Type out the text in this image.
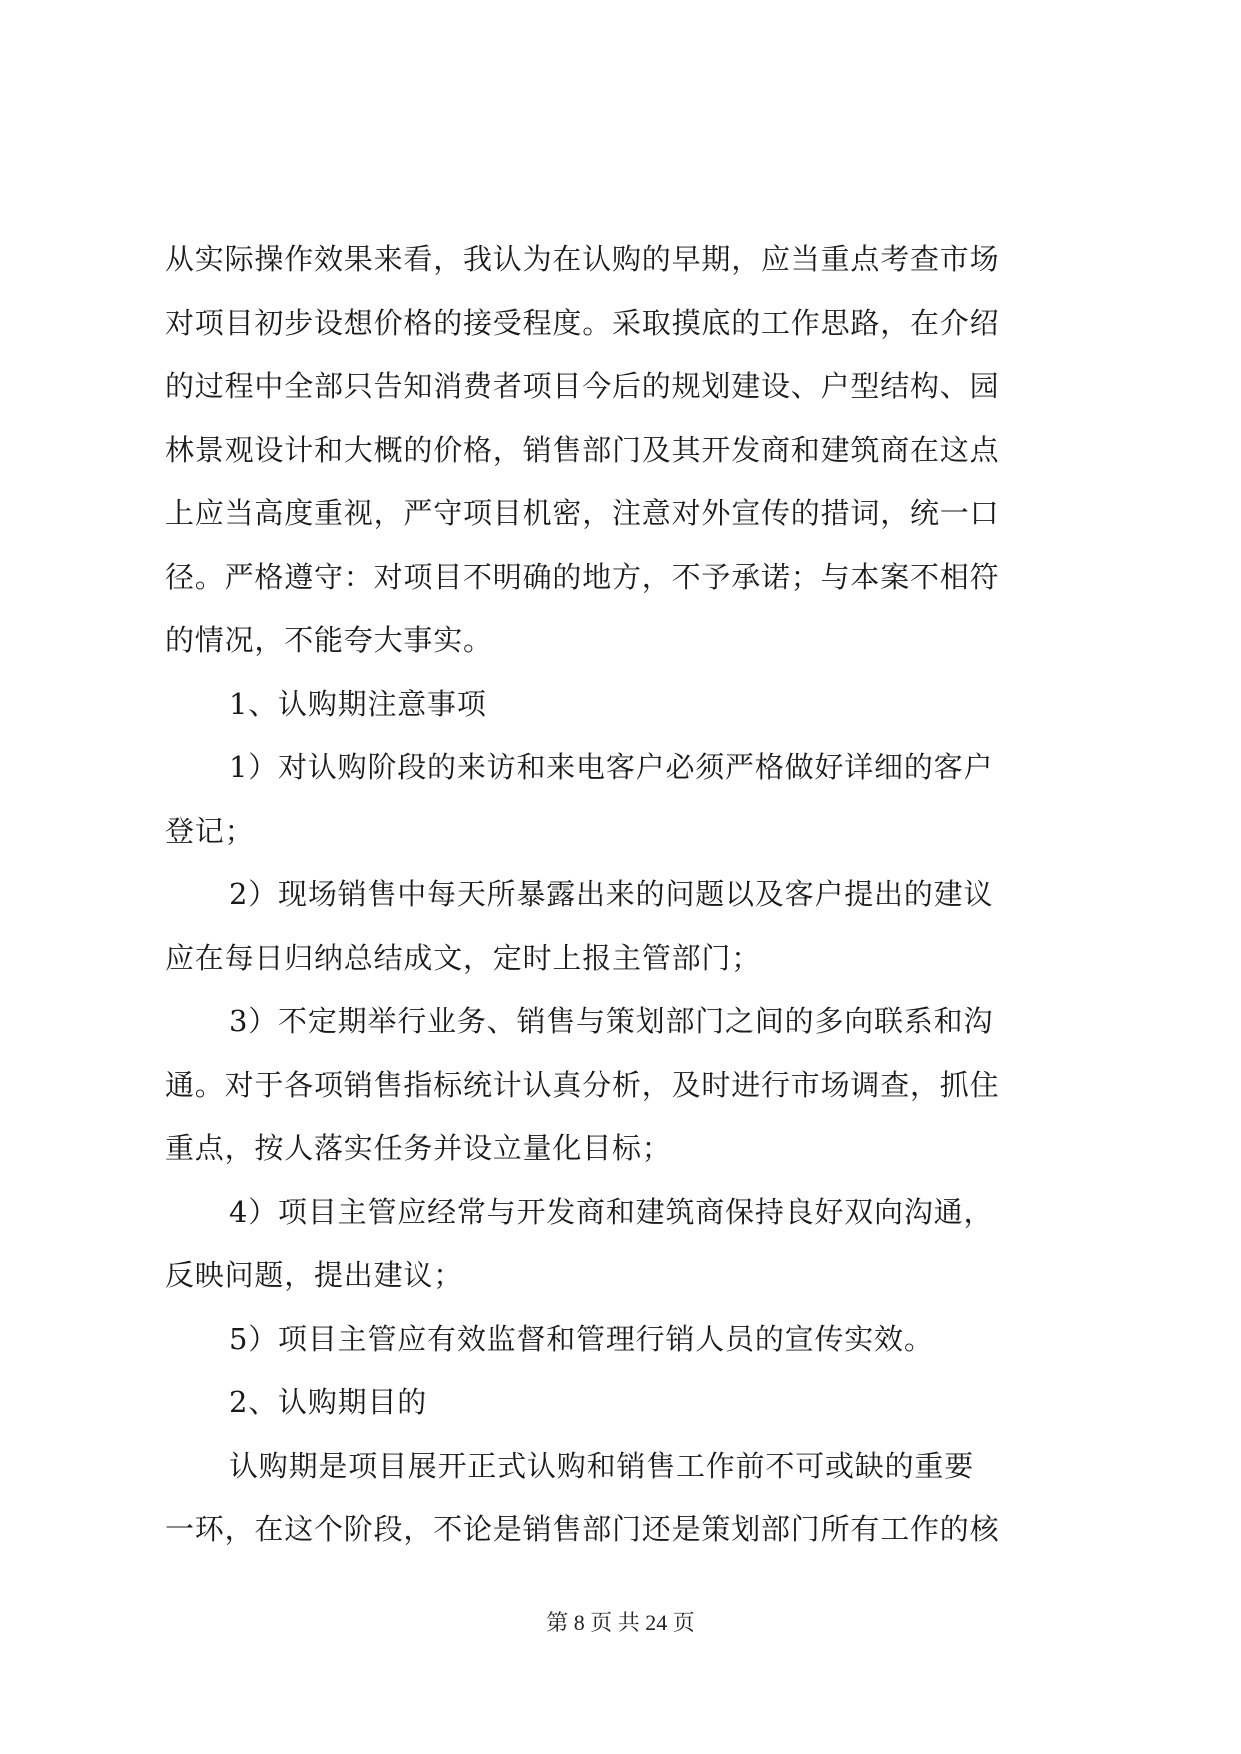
从实际操作效果来看，我认为在认购的早期，应当重点考查市场
对项目初步设想价格的接受程度。采取摸底的工作思路，在介绍
的过程中全部只告知消费者项目今后的规划建设、户型结构、园
林景观设计和大概的价格，销售部门及其开发商和建筑商在这点
上应当高度重视，严守项目机密，注意对外宣传的措词，统一口
径。严格遵守：对项目不明确的地方，不予承诺；与本案不相符
的情况，不能夸大事实。
1、认购期注意事项
1）对认购阶段的来访和来电客户必须严格做好详细的客户
登记；
2）现场销售中每天所暴露出来的问题以及客户提出的建议
应在每日归纳总结成文，定时上报主管部门；
3）不定期举行业务、销售与策划部门之间的多向联系和沟
通。对于各项销售指标统计认真分析，及时进行市场调查，抓住
重点，按人落实任务并设立量化目标；
4）项目主管应经常与开发商和建筑商保持良好双向沟通，
反映问题，提出建议；
5）项目主管应有效监督和管理行销人员的宣传实效。
2、认购期目的
认购期是项目展开正式认购和销售工作前不可或缺的重要
一环，在这个阶段，不论是销售部门还是策划部门所有工作的核
第 8 页 共 24 页
